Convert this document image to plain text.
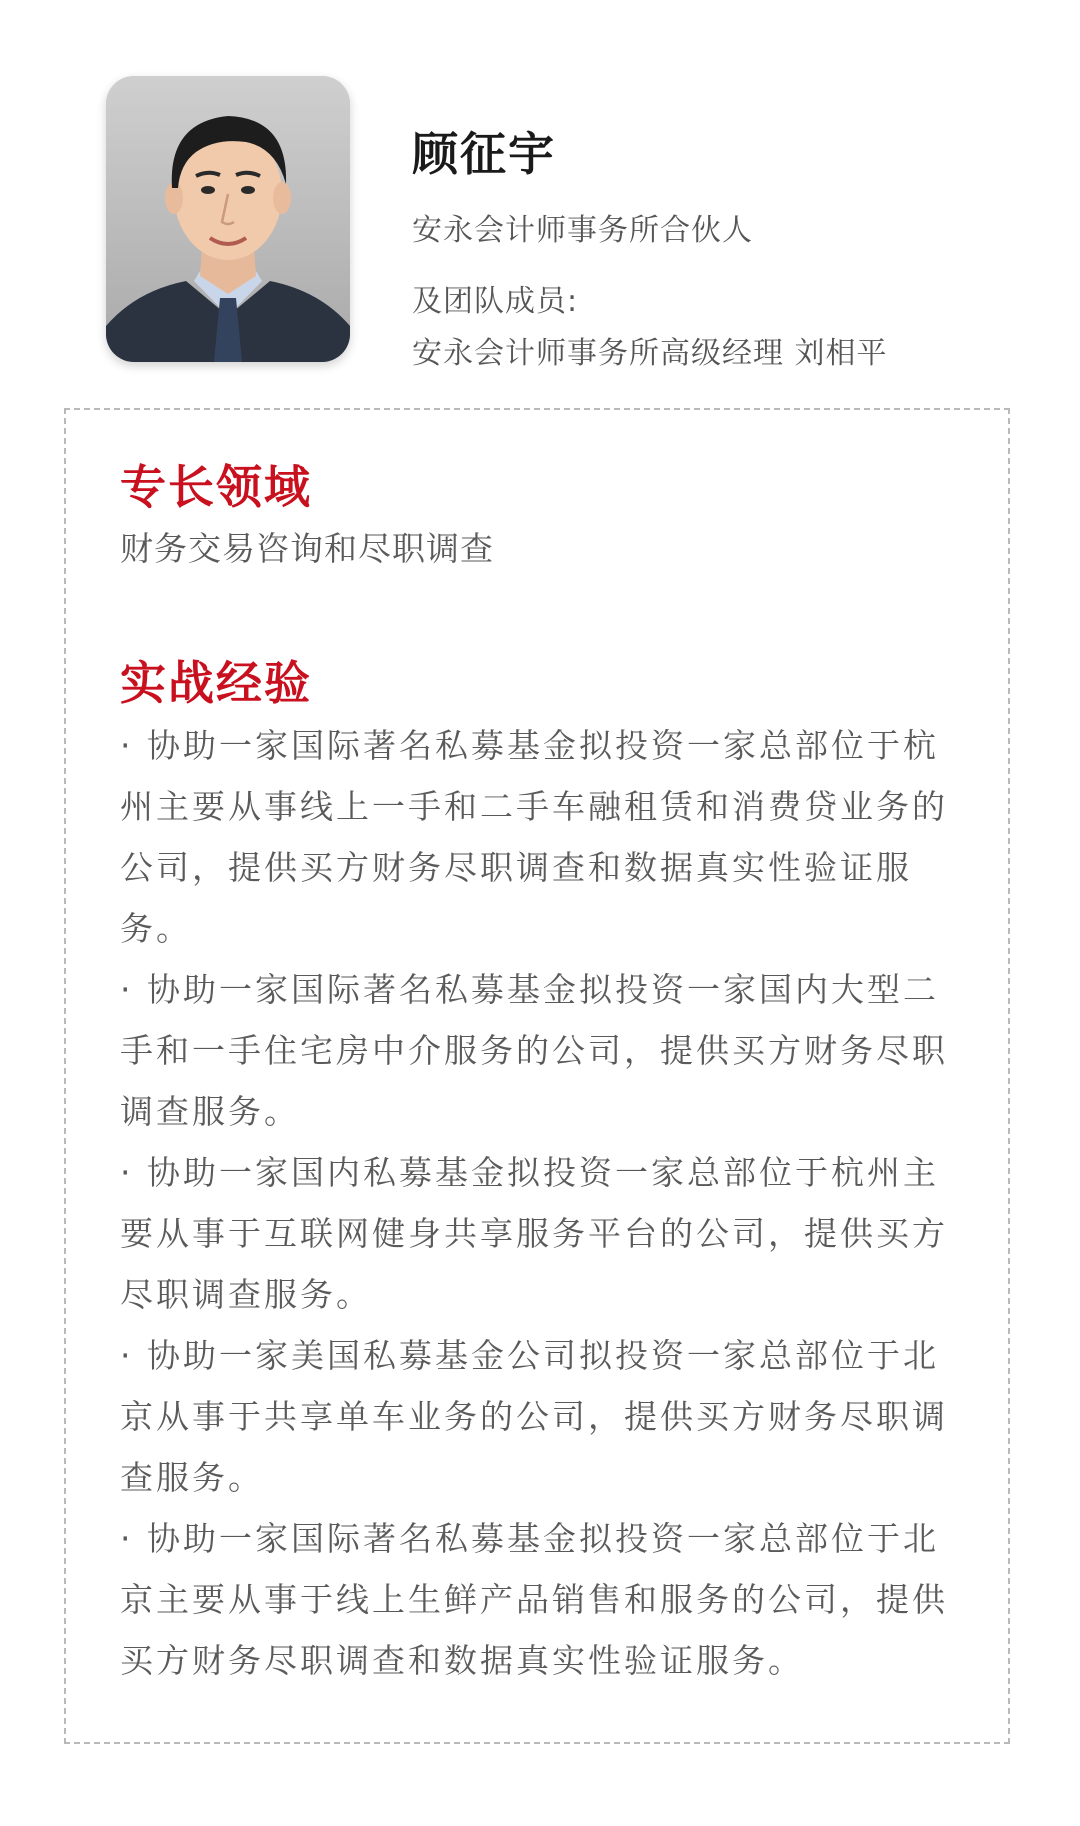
顾征宇
安永会计师事务所合伙人
及团队成员:
安永会计师事务所高级经理 刘相平
专长领域

财务交易咨询和尽职调查

实战经验
· 协助一家国际著名私募基金拟投资一家总部位于杭州主要从事线上一手和二手车融租赁和消费贷业务的公司，提供买方财务尽职调查和数据真实性验证服务。
· 协助一家国际著名私募基金拟投资一家国内大型二手和一手住宅房中介服务的公司，提供买方财务尽职调查服务。
· 协助一家国内私募基金拟投资一家总部位于杭州主要从事于互联网健身共享服务平台的公司，提供买方尽职调查服务。
· 协助一家美国私募基金公司拟投资一家总部位于北京从事于共享单车业务的公司，提供买方财务尽职调查服务。
· 协助一家国际著名私募基金拟投资一家总部位于北京主要从事于线上生鲜产品销售和服务的公司，提供买方财务尽职调查和数据真实性验证服务。
